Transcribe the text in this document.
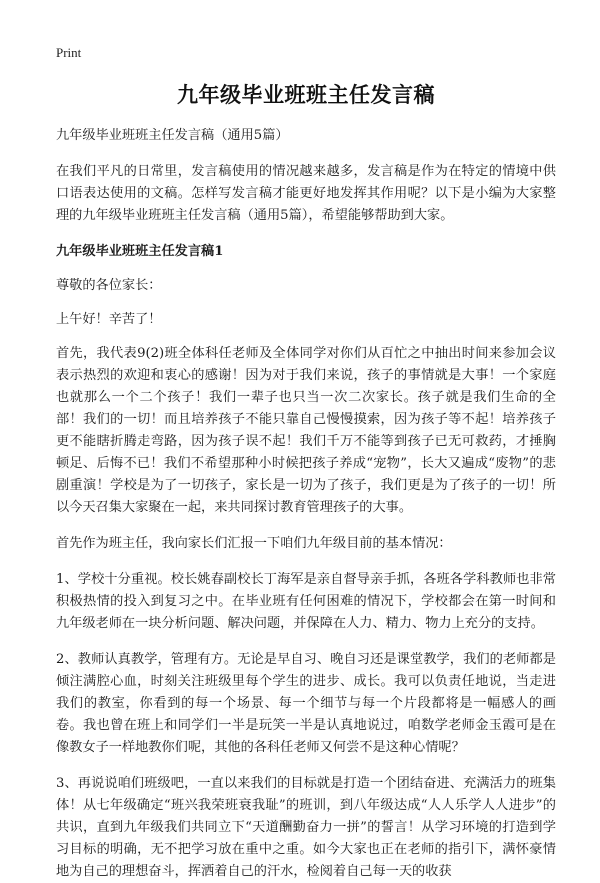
Print
九年级毕业班班主任发言稿

九年级毕业班班主任发言稿（通用5篇）

在我们平凡的日常里，发言稿使用的情况越来越多，发言稿是作为在特定的情境中供口语表达使用的文稿。怎样写发言稿才能更好地发挥其作用呢？以下是小编为大家整理的九年级毕业班班主任发言稿（通用5篇），希望能够帮助到大家。

九年级毕业班班主任发言稿1

尊敬的各位家长：

上午好！辛苦了！

首先，我代表9(2)班全体科任老师及全体同学对你们从百忙之中抽出时间来参加会议表示热烈的欢迎和衷心的感谢！因为对于我们来说，孩子的事情就是大事！一个家庭也就那么一个二个孩子！我们一辈子也只当一次二次家长。孩子就是我们生命的全部！我们的一切！而且培养孩子不能只靠自己慢慢摸索，因为孩子等不起！培养孩子更不能瞎折腾走弯路，因为孩子误不起！我们千万不能等到孩子已无可救药，才捶胸顿足、后悔不已！我们不希望那种小时候把孩子养成“宠物”，长大又遍成“废物”的悲剧重演！学校是为了一切孩子，家长是一切为了孩子，我们更是为了孩子的一切！所以今天召集大家聚在一起，来共同探讨教育管理孩子的大事。

首先作为班主任，我向家长们汇报一下咱们九年级目前的基本情况：

1、学校十分重视。校长姚春副校长丁海军是亲自督导亲手抓，各班各学科教师也非常积极热情的投入到复习之中。在毕业班有任何困难的情况下，学校都会在第一时间和九年级老师在一块分析问题、解决问题，并保障在人力、精力、物力上充分的支持。

2、教师认真教学，管理有方。无论是早自习、晚自习还是课堂教学，我们的老师都是倾注满腔心血，时刻关注班级里每个学生的进步、成长。我可以负责任地说，当走进我们的教室，你看到的每一个场景、每一个细节与每一个片段都将是一幅感人的画卷。我也曾在班上和同学们一半是玩笑一半是认真地说过，咱数学老师金玉霞可是在像教女子一样地教你们呢，其他的各科任老师又何尝不是这种心情呢？

3、再说说咱们班级吧，一直以来我们的目标就是打造一个团结奋进、充满活力的班集体！从七年级确定“班兴我荣班衰我耻”的班训，到八年级达成“人人乐学人人进步”的共识，直到九年级我们共同立下“天道酬勤奋力一拼”的誓言！从学习环境的打造到学习目标的明确，无不把学习放在重中之重。如今大家也正在老师的指引下，满怀豪情地为自己的理想奋斗，挥洒着自己的汗水，检阅着自己每一天的收获
